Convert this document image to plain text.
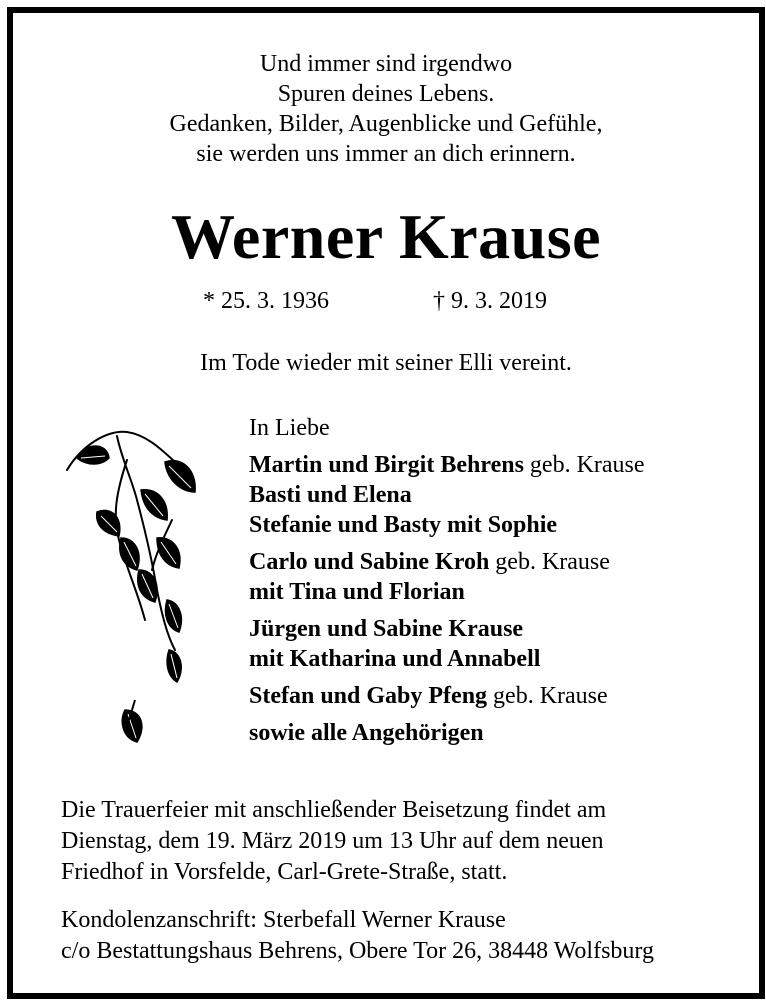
Und immer sind irgendwo
Spuren deines Lebens.
Gedanken, Bilder, Augenblicke und Gefühle,
sie werden uns immer an dich erinnern.
Werner Krause
* 25. 3. 1936	† 9. 3. 2019
Im Tode wieder mit seiner Elli vereint.
In Liebe
Martin und Birgit Behrens geb. Krause
Basti und Elena
Stefanie und Basty mit Sophie
Carlo und Sabine Kroh geb. Krause
mit Tina und Florian
Jürgen und Sabine Krause
mit Katharina und Annabell
Stefan und Gaby Pfeng geb. Krause
sowie alle Angehörigen
Die Trauerfeier mit anschließender Beisetzung findet am
Dienstag, dem 19. März 2019 um 13 Uhr auf dem neuen
Friedhof in Vorsfelde, Carl-Grete-Straße, statt.
Kondolenzanschrift: Sterbefall Werner Krause
c/o Bestattungshaus Behrens, Obere Tor 26, 38448 Wolfsburg
